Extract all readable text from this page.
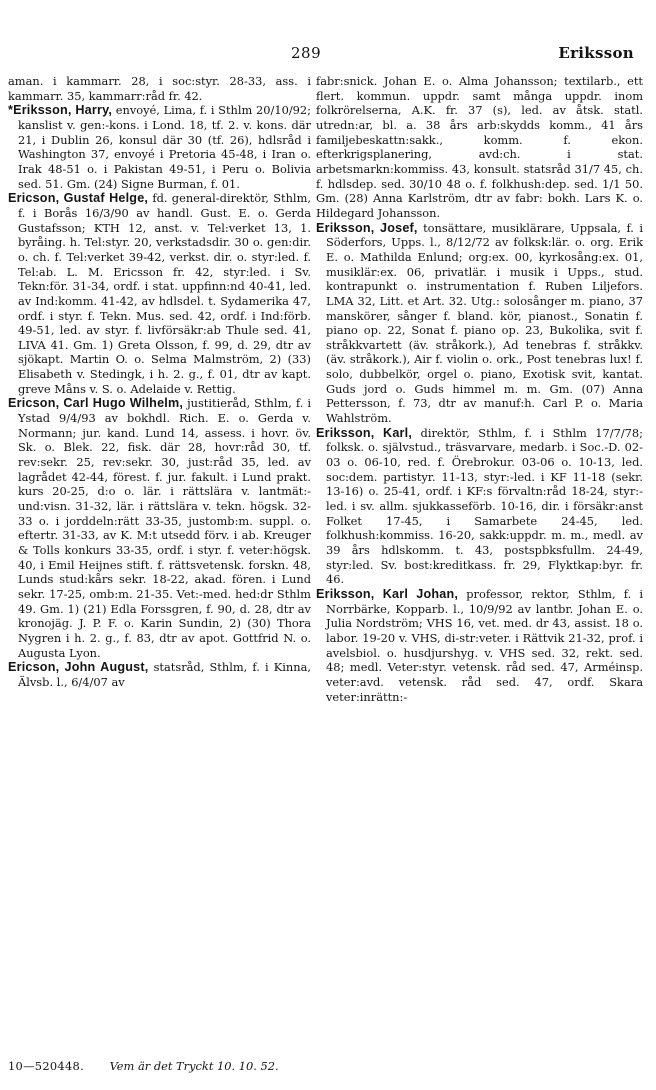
289	Eriksson

aman. i kammarr. 28, i soc:styr. 28-33, ass. i kammarr. 35, kammarr:råd fr. 42.

*Eriksson, Harry, envoyé, Lima, f. i Sthlm 20/10/92; kanslist v. gen:-kons. i Lond. 18, tf. 2. v. kons. där 21, i Dublin 26, konsul där 30 (tf. 26), hdlsråd i Washington 37, envoyé i Pretoria 45-48, i Iran o. Irak 48-51 o. i Pakistan 49-51, i Peru o. Bolivia sed. 51. Gm. (24) Signe Burman, f. 01.

Ericson, Gustaf Helge, fd. general-direktör, Sthlm, f. i Borås 16/3/90 av handl. Gust. E. o. Gerda Gustafsson; KTH 12, anst. v. Tel:verket 13, 1. byråing. h. Tel:styr. 20, verkstadsdir. 30 o. gen:dir. o. ch. f. Tel:verket 39-42, verkst. dir. o. styr:led. f. Tel:ab. L. M. Ericsson fr. 42, styr:led. i Sv. Tekn:för. 31-34, ordf. i stat. uppfinn:nd 40-41, led. av Ind:komm. 41-42, av hdlsdel. t. Sydamerika 47, ordf. i styr. f. Tekn. Mus. sed. 42, ordf. i Ind:förb. 49-51, led. av styr. f. livförsäkr:ab Thule sed. 41, LIVA 41. Gm. 1) Greta Olsson, f. 99, d. 29, dtr av sjökapt. Martin O. o. Selma Malmström, 2) (33) Elisabeth v. Stedingk, i h. 2. g., f. 01, dtr av kapt. greve Måns v. S. o. Adelaide v. Rettig.

Ericson, Carl Hugo Wilhelm, justitieråd, Sthlm, f. i Ystad 9/4/93 av bokhdl. Rich. E. o. Gerda v. Normann; jur. kand. Lund 14, assess. i hovr. öv. Sk. o. Blek. 22, fisk. där 28, hovr:råd 30, tf. rev:sekr. 25, rev:sekr. 30, just:råd 35, led. av lagrådet 42-44, förest. f. jur. fakult. i Lund prakt. kurs 20-25, d:o o. lär. i rättslära v. lantmät:-und:visn. 31-32, lär. i rättslära v. tekn. högsk. 32-33 o. i jorddeln:rätt 33-35, justomb:m. suppl. o. eftertr. 31-33, av K. M:t utsedd förv. i ab. Kreuger & Tolls konkurs 33-35, ordf. i styr. f. veter:högsk. 40, i Emil Heijnes stift. f. rättsvetensk. forskn. 48, Lunds stud:kårs sekr. 18-22, akad. fören. i Lund sekr. 17-25, omb:m. 21-35. Vet:-med. hed:dr Sthlm 49. Gm. 1) (21) Edla Forssgren, f. 90, d. 28, dtr av kronojäg. J. P. F. o. Karin Sundin, 2) (30) Thora Nygren i h. 2. g., f. 83, dtr av apot. Gottfrid N. o. Augusta Lyon.

Ericson, John August, statsråd, Sthlm, f. i Kinna, Älvsb. l., 6/4/07 av

fabr:snick. Johan E. o. Alma Johansson; textilarb., ett flert. kommun. uppdr. samt många uppdr. inom folkrörelserna, A.K. fr. 37 (s), led. av åtsk. statl. utredn:ar, bl. a. 38 års arb:skydds komm., 41 års familjebeskattn:sakk., komm. f. ekon. efterkrigsplanering, avd:ch. i stat. arbetsmarkn:kommiss. 43, konsult. statsråd 31/7 45, ch. f. hdlsdep. sed. 30/10 48 o. f. folkhush:dep. sed. 1/1 50. Gm. (28) Anna Karlström, dtr av fabr: bokh. Lars K. o. Hildegard Johansson.

Eriksson, Josef, tonsättare, musiklärare, Uppsala, f. i Söderfors, Upps. l., 8/12/72 av folksk:lär. o. org. Erik E. o. Mathilda Enlund; org:ex. 00, kyrkosång:ex. 01, musiklär:ex. 06, privatlär. i musik i Upps., stud. kontrapunkt o. instrumentation f. Ruben Liljefors. LMA 32, Litt. et Art. 32. Utg.: solosånger m. piano, 37 manskörer, sånger f. bland. kör, pianost., Sonatin f. piano op. 22, Sonat f. piano op. 23, Bukolika, svit f. stråkkvartett (äv. stråkork.), Ad tenebras f. stråkkv. (äv. stråkork.), Air f. violin o. ork., Post tenebras lux! f. solo, dubbelkör, orgel o. piano, Exotisk svit, kantat. Guds jord o. Guds himmel m. m. Gm. (07) Anna Pettersson, f. 73, dtr av manuf:h. Carl P. o. Maria Wahlström.

Eriksson, Karl, direktör, Sthlm, f. i Sthlm 17/7/78; folksk. o. självstud., träsvarvare, medarb. i Soc.-D. 02-03 o. 06-10, red. f. Örebrokur. 03-06 o. 10-13, led. soc:dem. partistyr. 11-13, styr:-led. i KF 11-18 (sekr. 13-16) o. 25-41, ordf. i KF:s förvaltn:råd 18-24, styr:-led. i sv. allm. sjukkasseförb. 10-16, dir. i försäkr:anst Folket 17-45, i Samarbete 24-45, led. folkhush:kommiss. 16-20, sakk:uppdr. m. m., medl. av 39 års hdlskomm. t. 43, postspbksfullm. 24-49, styr:led. Sv. bost:kreditkass. fr. 29, Flyktkap:byr. fr. 46.

Eriksson, Karl Johan, professor, rektor, Sthlm, f. i Norrbärke, Kopparb. l., 10/9/92 av lantbr. Johan E. o. Julia Nordström; VHS 16, vet. med. dr 43, assist. 18 o. labor. 19-20 v. VHS, di-str:veter. i Rättvik 21-32, prof. i avelsbiol. o. husdjurshyg. v. VHS sed. 32, rekt. sed. 48; medl. Veter:styr. vetensk. råd sed. 47, Arméinsp. veter:avd. vetensk. råd sed. 47, ordf. Skara veter:inrättn:-

10—520448. Vem är det Tryckt 10. 10. 52.
